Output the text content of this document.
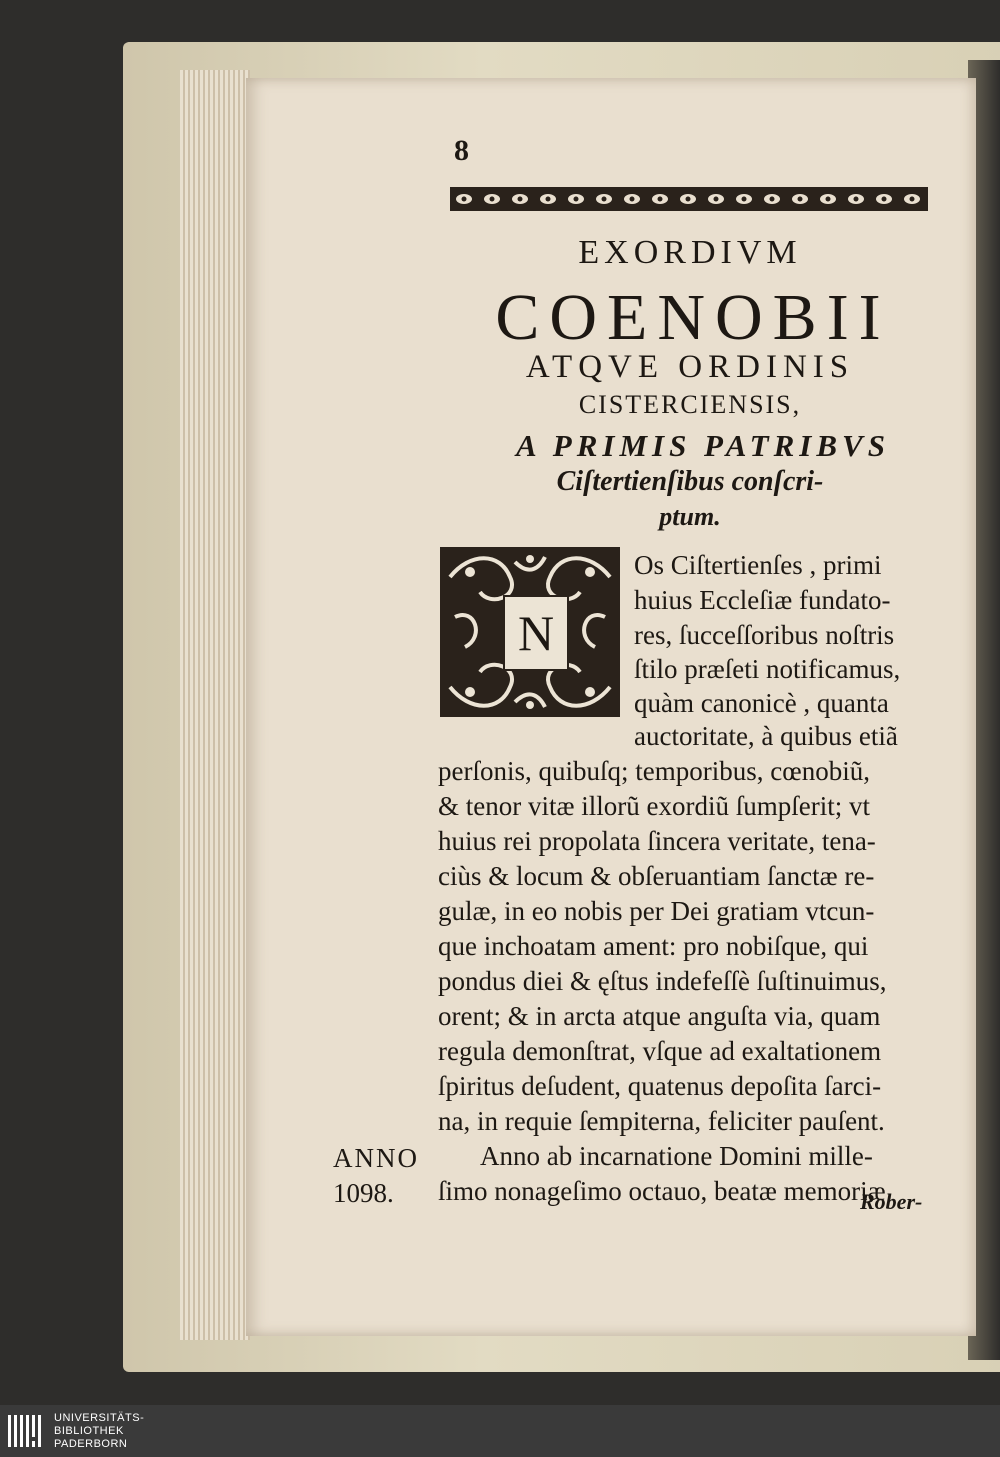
8
EXORDIVM
COENOBII
ATQVE ORDINIS
CISTERCIENSIS,
A PRIMIS PATRIBVS
Ciſtertienſibus conſcri-
ptum.
N
Os Ciſtertienſes , primi
huius Eccleſiæ fundato-
res, ſucceſſoribus noſtris
ſtilo præſeti notificamus,
quàm canonicè , quanta
auctoritate, à quibus etiã
perſonis, quibuſq; temporibus, cœnobiũ,
& tenor vitæ illorũ exordiũ ſumpſerit; vt
huius rei propolata ſincera veritate, tena-
ciùs & locum & obſeruantiam ſanctæ re-
gulæ, in eo nobis per Dei gratiam vtcun-
que inchoatam ament: pro nobiſque, qui
pondus diei & ęſtus indefeſſè ſuſtinuimus,
orent; & in arcta atque anguſta via, quam
regula demonſtrat, vſque ad exaltationem
ſpiritus deſudent, quatenus depoſita ſarci-
na, in requie ſempiterna, feliciter pauſent.
Anno ab incarnatione Domini mille-
ſimo nonageſimo octauo, beatæ memoriæ
ANNO
1098.	Rober-
UNIVERSITÄTS-
BIBLIOTHEK
PADERBORN
